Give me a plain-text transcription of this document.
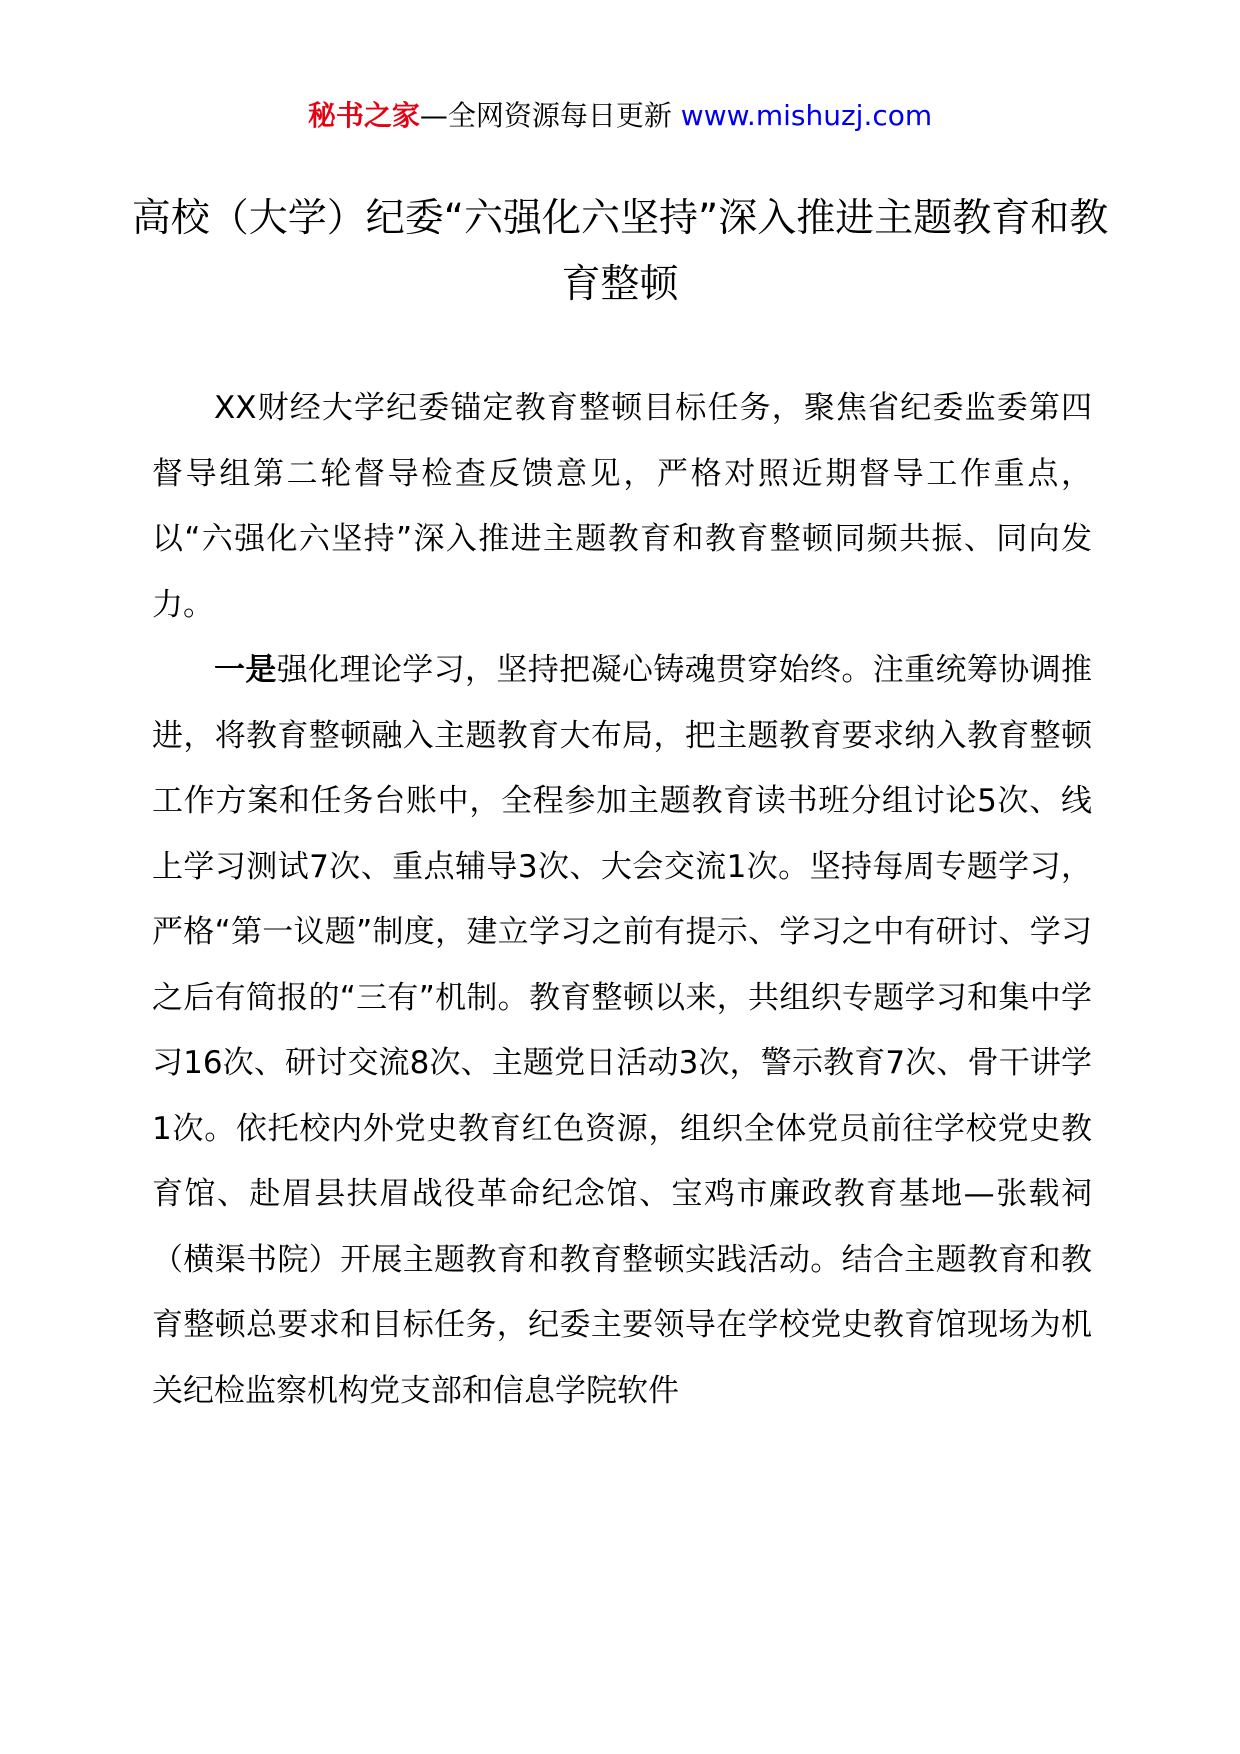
秘书之家—全网资源每日更新 www.mishuzj.com
高校（大学）纪委“六强化六坚持”深入推进主题教育和教育整顿

XX财经大学纪委锚定教育整顿目标任务，聚焦省纪委监委第四督导组第二轮督导检查反馈意见，严格对照近期督导工作重点，以“六强化六坚持”深入推进主题教育和教育整顿同频共振、同向发力。

一是强化理论学习，坚持把凝心铸魂贯穿始终。注重统筹协调推进，将教育整顿融入主题教育大布局，把主题教育要求纳入教育整顿工作方案和任务台账中，全程参加主题教育读书班分组讨论5次、线上学习测试7次、重点辅导3次、大会交流1次。坚持每周专题学习，严格“第一议题”制度，建立学习之前有提示、学习之中有研讨、学习之后有简报的“三有”机制。教育整顿以来，共组织专题学习和集中学习16次、研讨交流8次、主题党日活动3次，警示教育7次、骨干讲学1次。依托校内外党史教育红色资源，组织全体党员前往学校党史教育馆、赴眉县扶眉战役革命纪念馆、宝鸡市廉政教育基地—张载祠（横渠书院）开展主题教育和教育整顿实践活动。结合主题教育和教育整顿总要求和目标任务，纪委主要领导在学校党史教育馆现场为机关纪检监察机构党支部和信息学院软件
